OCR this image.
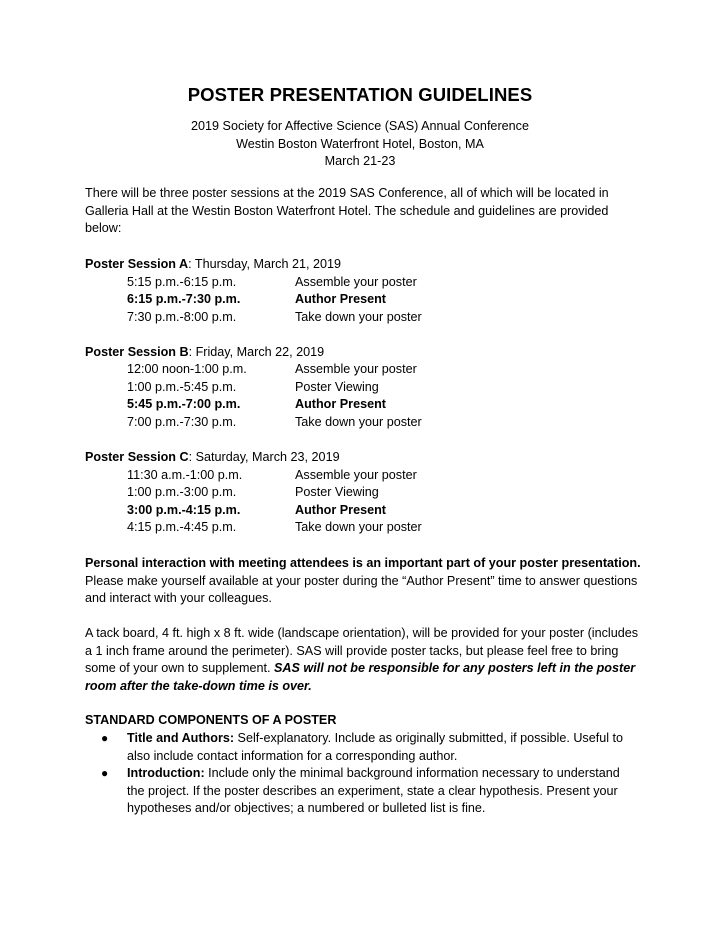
POSTER PRESENTATION GUIDELINES
2019 Society for Affective Science (SAS) Annual Conference
Westin Boston Waterfront Hotel, Boston, MA
March 21-23
There will be three poster sessions at the 2019 SAS Conference, all of which will be located in Galleria Hall at the Westin Boston Waterfront Hotel. The schedule and guidelines are provided below:
Poster Session A: Thursday, March 21, 2019
5:15 p.m.-6:15 p.m.	Assemble your poster
6:15 p.m.-7:30 p.m.	Author Present
7:30 p.m.-8:00 p.m.	Take down your poster
Poster Session B: Friday, March 22, 2019
12:00 noon-1:00 p.m.	Assemble your poster
1:00 p.m.-5:45 p.m.	Poster Viewing
5:45 p.m.-7:00 p.m.	Author Present
7:00 p.m.-7:30 p.m.	Take down your poster
Poster Session C: Saturday, March 23, 2019
11:30 a.m.-1:00 p.m.	Assemble your poster
1:00 p.m.-3:00 p.m.	Poster Viewing
3:00 p.m.-4:15 p.m.	Author Present
4:15 p.m.-4:45 p.m.	Take down your poster
Personal interaction with meeting attendees is an important part of your poster presentation. Please make yourself available at your poster during the “Author Present” time to answer questions and interact with your colleagues.
A tack board, 4 ft. high x 8 ft. wide (landscape orientation), will be provided for your poster (includes a 1 inch frame around the perimeter). SAS will provide poster tacks, but please feel free to bring some of your own to supplement. SAS will not be responsible for any posters left in the poster room after the take-down time is over.
STANDARD COMPONENTS OF A POSTER
● Title and Authors: Self-explanatory. Include as originally submitted, if possible. Useful to also include contact information for a corresponding author.
● Introduction: Include only the minimal background information necessary to understand the project. If the poster describes an experiment, state a clear hypothesis. Present your hypotheses and/or objectives; a numbered or bulleted list is fine.
